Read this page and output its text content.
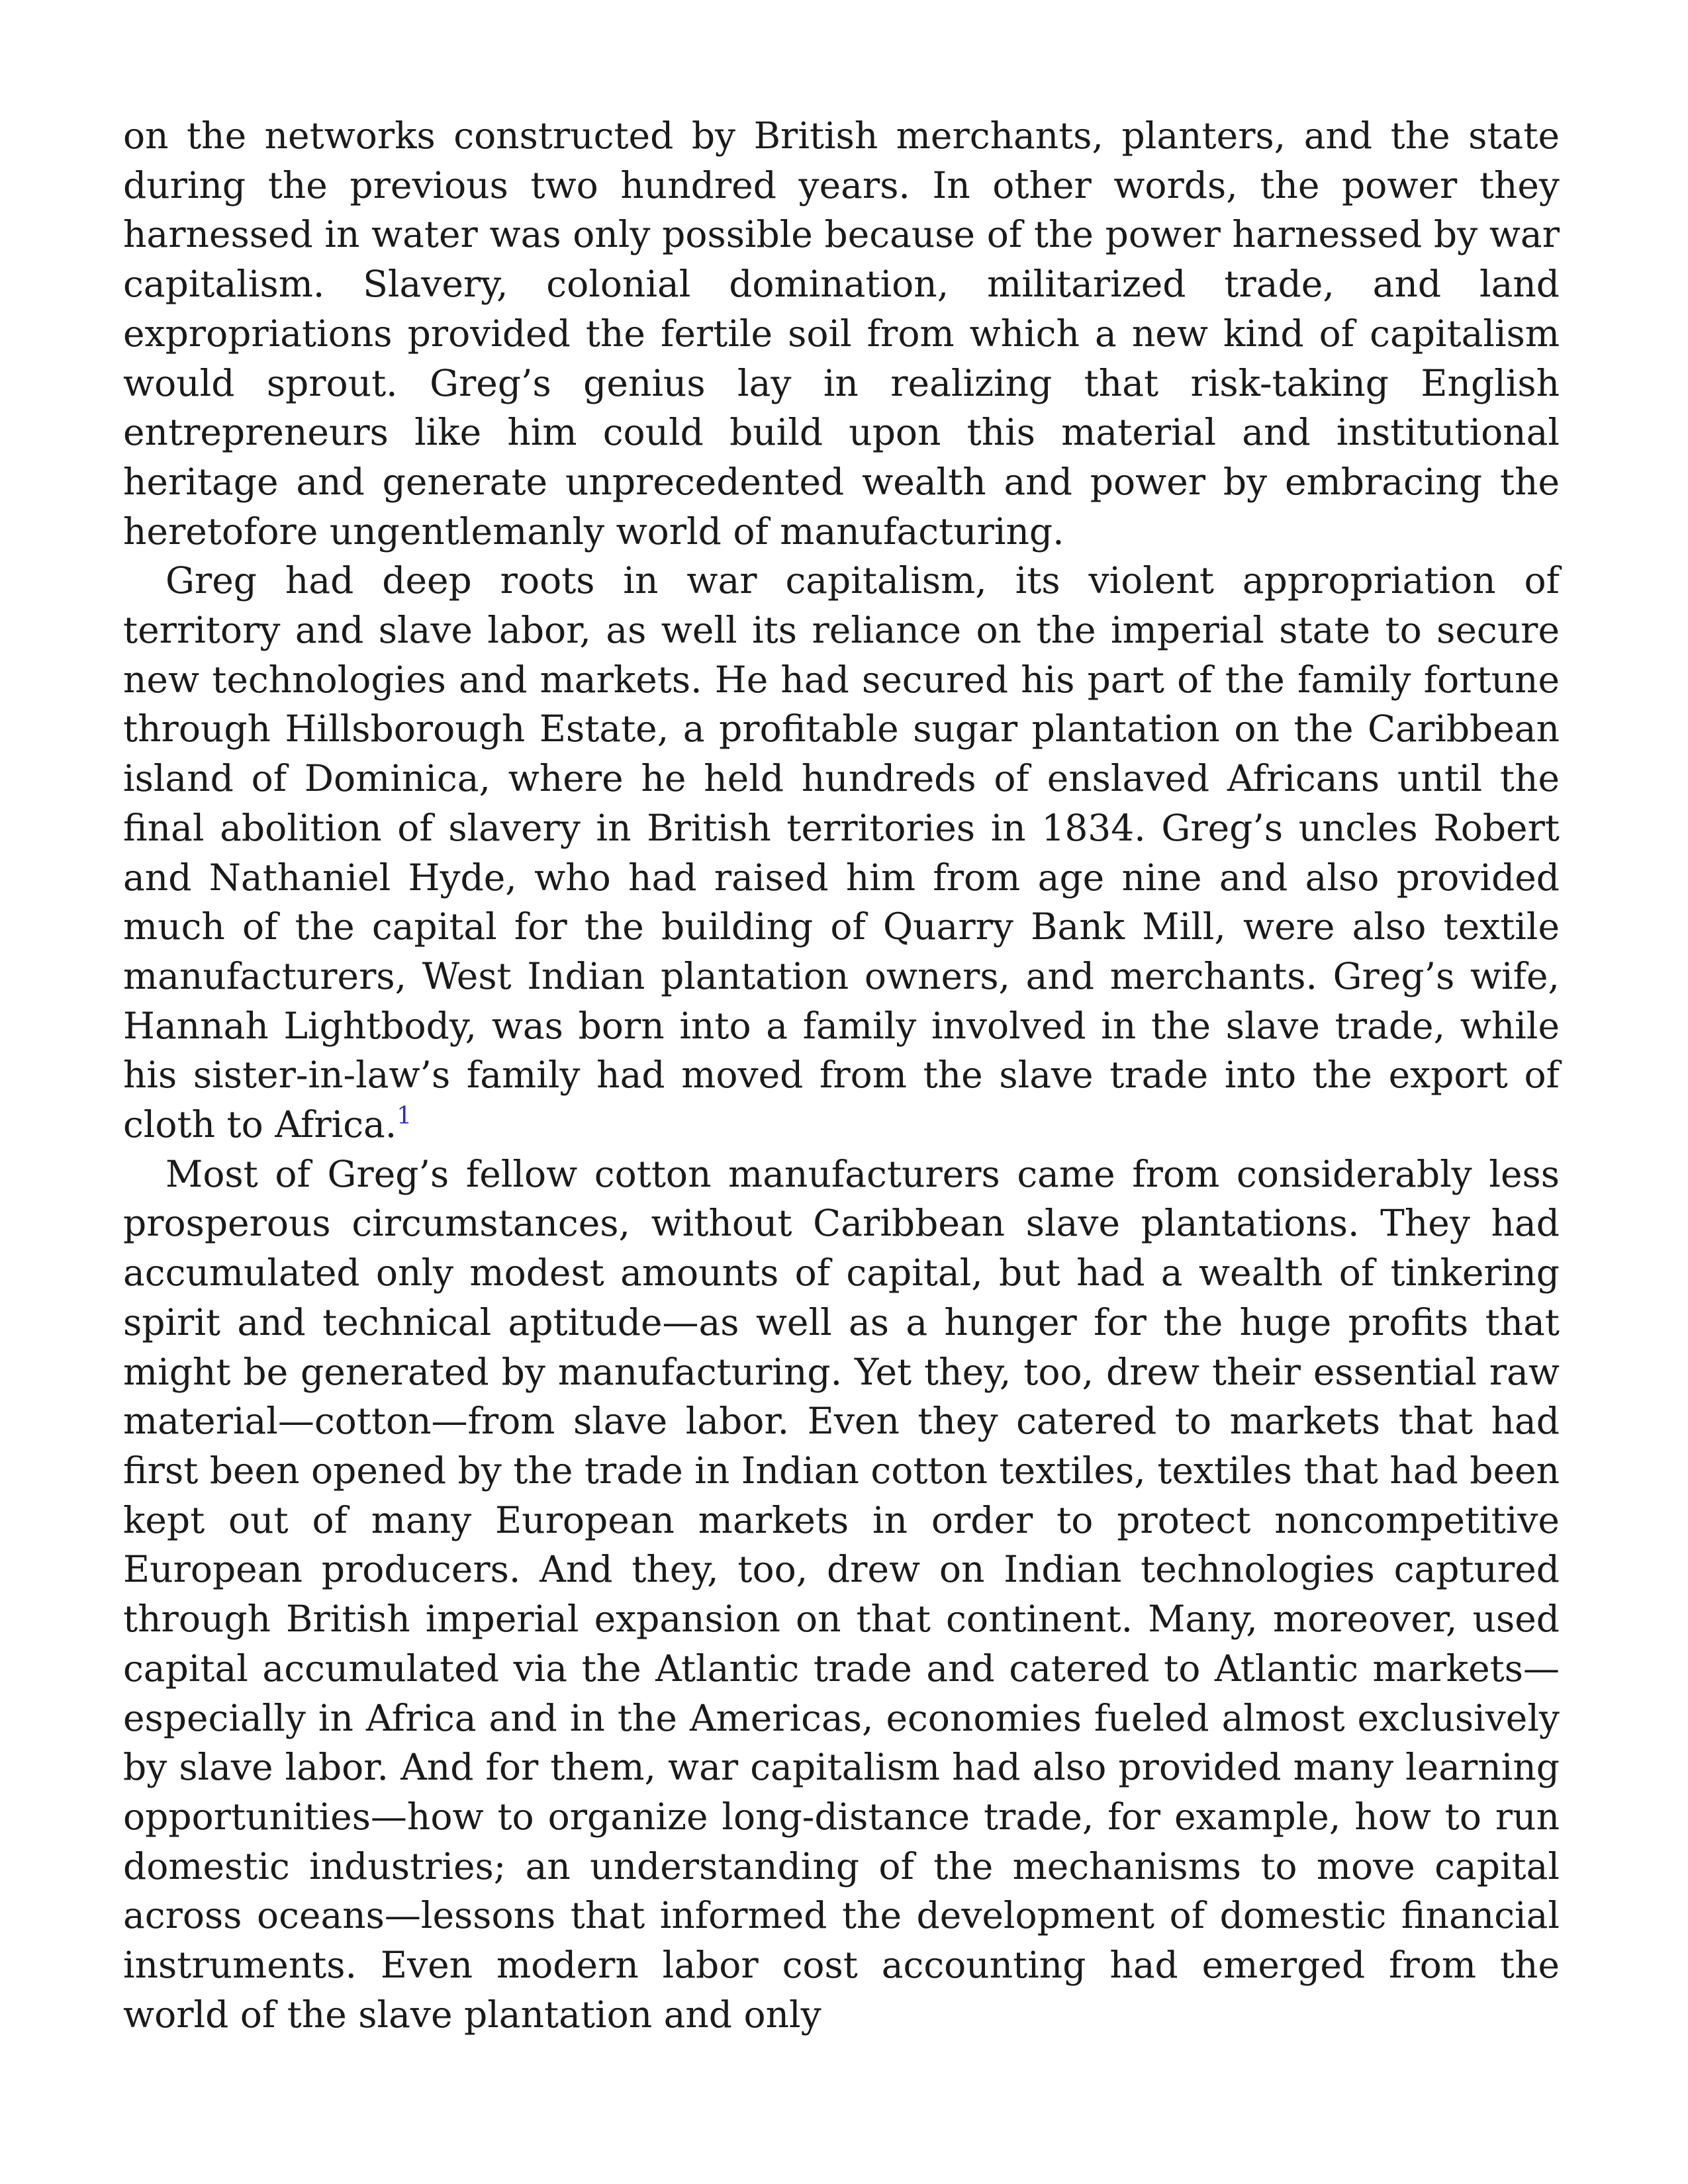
on the networks constructed by British merchants, planters, and the state during the previous two hundred years. In other words, the power they harnessed in water was only possible because of the power harnessed by war capitalism. Slavery, colonial domination, militarized trade, and land expropriations provided the fertile soil from which a new kind of capitalism would sprout. Greg’s genius lay in realizing that risk-taking English entrepreneurs like him could build upon this material and institutional heritage and generate unprecedented wealth and power by embracing the heretofore ungentlemanly world of manufacturing.

Greg had deep roots in war capitalism, its violent appropriation of territory and slave labor, as well its reliance on the imperial state to secure new technologies and markets. He had secured his part of the family fortune through Hillsborough Estate, a profitable sugar plantation on the Caribbean island of Dominica, where he held hundreds of enslaved Africans until the final abolition of slavery in British territories in 1834. Greg’s uncles Robert and Nathaniel Hyde, who had raised him from age nine and also provided much of the capital for the building of Quarry Bank Mill, were also textile manufacturers, West Indian plantation owners, and merchants. Greg’s wife, Hannah Lightbody, was born into a family involved in the slave trade, while his sister-in-law’s family had moved from the slave trade into the export of cloth to Africa.$^1$

Most of Greg’s fellow cotton manufacturers came from considerably less prosperous circumstances, without Caribbean slave plantations. They had accumulated only modest amounts of capital, but had a wealth of tinkering spirit and technical aptitude—as well as a hunger for the huge profits that might be generated by manufacturing. Yet they, too, drew their essential raw material—cotton—from slave labor. Even they catered to markets that had first been opened by the trade in Indian cotton textiles, textiles that had been kept out of many European markets in order to protect noncompetitive European producers. And they, too, drew on Indian technologies captured through British imperial expansion on that continent. Many, moreover, used capital accumulated via the Atlantic trade and catered to Atlantic markets—especially in Africa and in the Americas, economies fueled almost exclusively by slave labor. And for them, war capitalism had also provided many learning opportunities—how to organize long-distance trade, for example, how to run domestic industries; an understanding of the mechanisms to move capital across oceans—lessons that informed the development of domestic financial instruments. Even modern labor cost accounting had emerged from the world of the slave plantation and only
